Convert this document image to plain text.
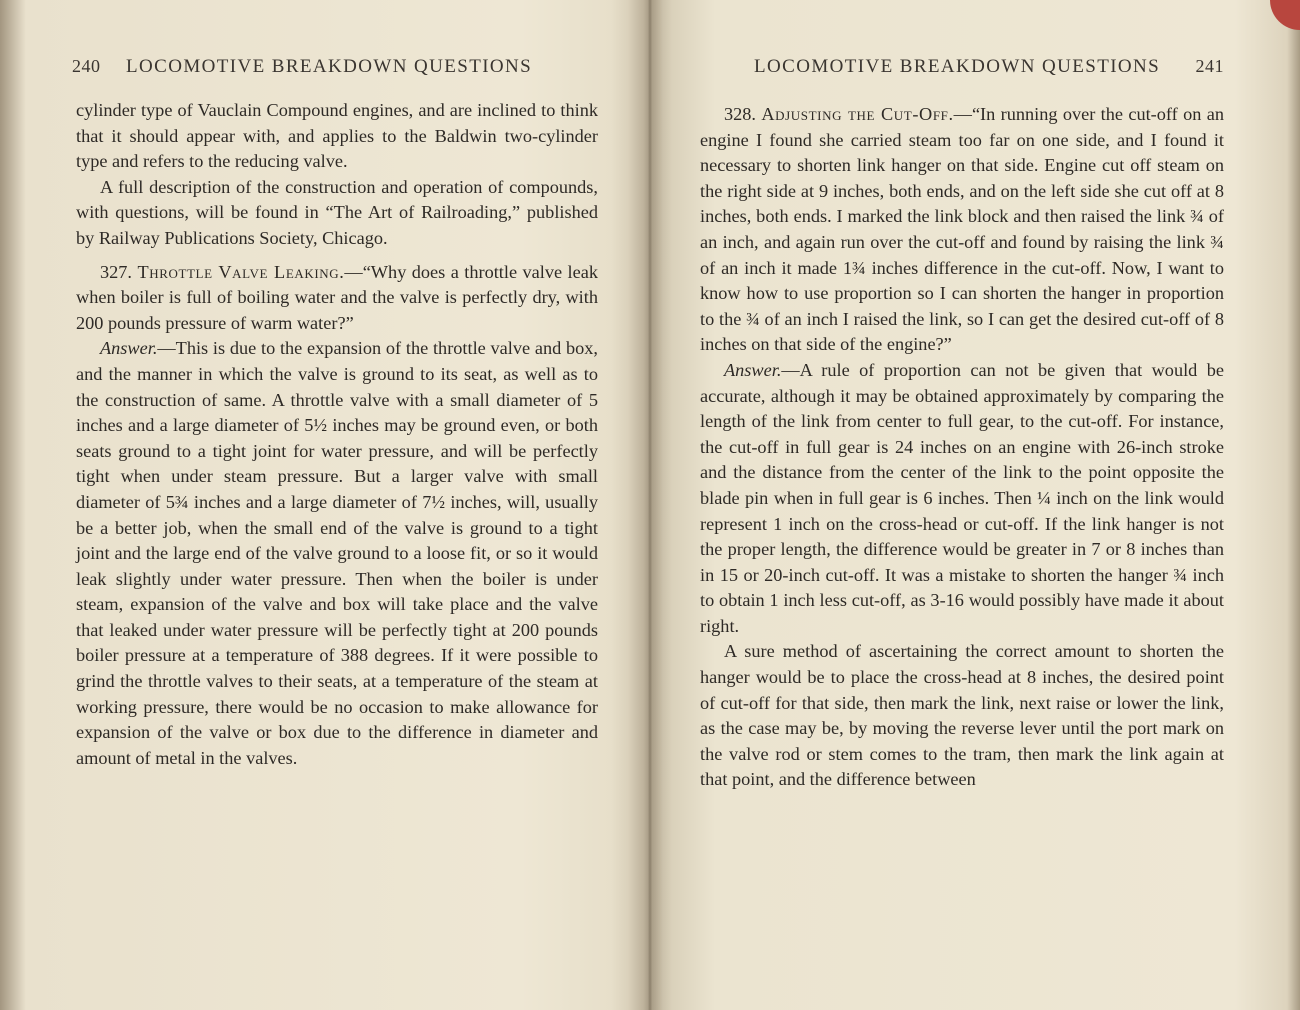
240 LOCOMOTIVE BREAKDOWN QUESTIONS

cylinder type of Vauclain Compound engines, and are inclined to think that it should appear with, and applies to the Baldwin two-cylinder type and refers to the reducing valve.

A full description of the construction and operation of compounds, with questions, will be found in “The Art of Railroading,” published by Railway Publications Society, Chicago.

327. Throttle Valve Leaking.—“Why does a throttle valve leak when boiler is full of boiling water and the valve is perfectly dry, with 200 pounds pressure of warm water?”

Answer.—This is due to the expansion of the throttle valve and box, and the manner in which the valve is ground to its seat, as well as to the construction of same. A throttle valve with a small diameter of 5 inches and a large diameter of 5½ inches may be ground even, or both seats ground to a tight joint for water pressure, and will be perfectly tight when under steam pressure. But a larger valve with small diameter of 5¾ inches and a large diameter of 7½ inches, will, usually be a better job, when the small end of the valve is ground to a tight joint and the large end of the valve ground to a loose fit, or so it would leak slightly under water pressure. Then when the boiler is under steam, expansion of the valve and box will take place and the valve that leaked under water pressure will be perfectly tight at 200 pounds boiler pressure at a temperature of 388 degrees. If it were possible to grind the throttle valves to their seats, at a temperature of the steam at working pressure, there would be no occasion to make allowance for expansion of the valve or box due to the difference in diameter and amount of metal in the valves.

LOCOMOTIVE BREAKDOWN QUESTIONS 241

328. Adjusting the Cut-Off.—“In running over the cut-off on an engine I found she carried steam too far on one side, and I found it necessary to shorten link hanger on that side. Engine cut off steam on the right side at 9 inches, both ends, and on the left side she cut off at 8 inches, both ends. I marked the link block and then raised the link ¾ of an inch, and again run over the cut-off and found by raising the link ¾ of an inch it made 1¾ inches difference in the cut-off. Now, I want to know how to use proportion so I can shorten the hanger in proportion to the ¾ of an inch I raised the link, so I can get the desired cut-off of 8 inches on that side of the engine?”

Answer.—A rule of proportion can not be given that would be accurate, although it may be obtained approximately by comparing the length of the link from center to full gear, to the cut-off. For instance, the cut-off in full gear is 24 inches on an engine with 26-inch stroke and the distance from the center of the link to the point opposite the blade pin when in full gear is 6 inches. Then ¼ inch on the link would represent 1 inch on the cross-head or cut-off. If the link hanger is not the proper length, the difference would be greater in 7 or 8 inches than in 15 or 20-inch cut-off. It was a mistake to shorten the hanger ¾ inch to obtain 1 inch less cut-off, as 3-16 would possibly have made it about right.

A sure method of ascertaining the correct amount to shorten the hanger would be to place the cross-head at 8 inches, the desired point of cut-off for that side, then mark the link, next raise or lower the link, as the case may be, by moving the reverse lever until the port mark on the valve rod or stem comes to the tram, then mark the link again at that point, and the difference between
